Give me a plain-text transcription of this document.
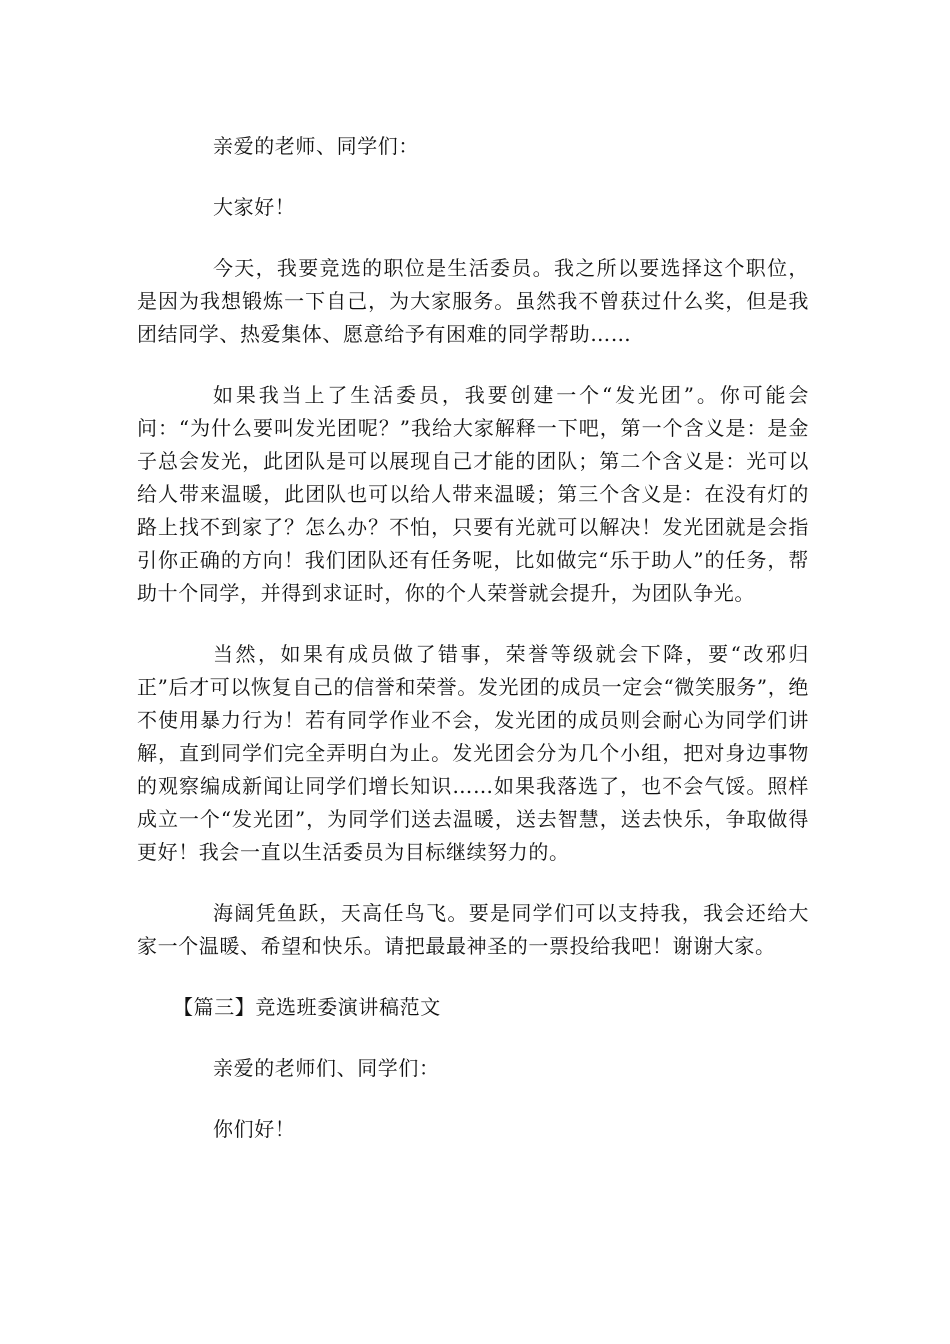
亲爱的老师、同学们：

大家好！

今天，我要竞选的职位是生活委员。我之所以要选择这个职位，是因为我想锻炼一下自己，为大家服务。虽然我不曾获过什么奖，但是我团结同学、热爱集体、愿意给予有困难的同学帮助……

如果我当上了生活委员，我要创建一个“发光团”。你可能会问：“为什么要叫发光团呢？”我给大家解释一下吧，第一个含义是：是金子总会发光，此团队是可以展现自己才能的团队；第二个含义是：光可以给人带来温暖，此团队也可以给人带来温暖；第三个含义是：在没有灯的路上找不到家了？怎么办？不怕，只要有光就可以解决！发光团就是会指引你正确的方向！我们团队还有任务呢，比如做完“乐于助人”的任务，帮助十个同学，并得到求证时，你的个人荣誉就会提升，为团队争光。

当然，如果有成员做了错事，荣誉等级就会下降，要“改邪归正”后才可以恢复自己的信誉和荣誉。发光团的成员一定会“微笑服务”，绝不使用暴力行为！若有同学作业不会，发光团的成员则会耐心为同学们讲解，直到同学们完全弄明白为止。发光团会分为几个小组，把对身边事物的观察编成新闻让同学们增长知识……如果我落选了，也不会气馁。照样成立一个“发光团”，为同学们送去温暖，送去智慧，送去快乐，争取做得更好！我会一直以生活委员为目标继续努力的。

海阔凭鱼跃，天高任鸟飞。要是同学们可以支持我，我会还给大家一个温暖、希望和快乐。请把最最神圣的一票投给我吧！谢谢大家。

【篇三】竞选班委演讲稿范文

亲爱的老师们、同学们：

你们好！
